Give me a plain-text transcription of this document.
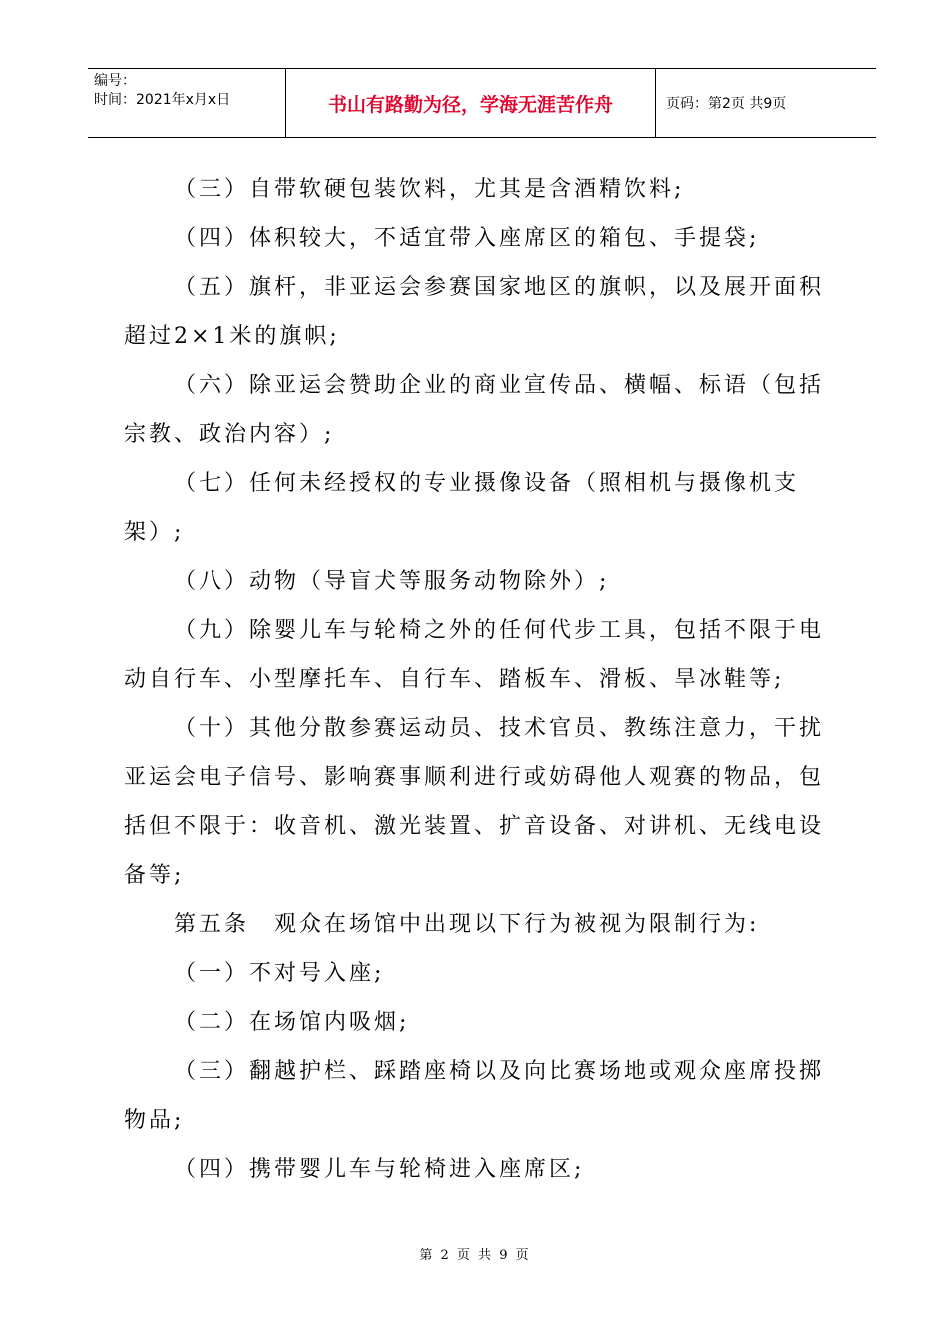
编号：
时间：2021年x月x日	书山有路勤为径，学海无涯苦作舟	页码：第2页 共9页

（三）自带软硬包装饮料，尤其是含酒精饮料;

（四）体积较大，不适宜带入座席区的箱包、手提袋;

（五）旗杆，非亚运会参赛国家地区的旗帜，以及展开面积超过2×1米的旗帜;

（六）除亚运会赞助企业的商业宣传品、横幅、标语（包括宗教、政治内容）;

（七）任何未经授权的专业摄像设备（照相机与摄像机支架）;

（八）动物（导盲犬等服务动物除外）;

（九）除婴儿车与轮椅之外的任何代步工具，包括不限于电动自行车、小型摩托车、自行车、踏板车、滑板、旱冰鞋等;

（十）其他分散参赛运动员、技术官员、教练注意力，干扰亚运会电子信号、影响赛事顺利进行或妨碍他人观赛的物品，包括但不限于：收音机、激光装置、扩音设备、对讲机、无线电设备等;

第五条　观众在场馆中出现以下行为被视为限制行为:

（一）不对号入座;

（二）在场馆内吸烟;

（三）翻越护栏、踩踏座椅以及向比赛场地或观众座席投掷物品;

（四）携带婴儿车与轮椅进入座席区;

第 2 页 共 9 页
